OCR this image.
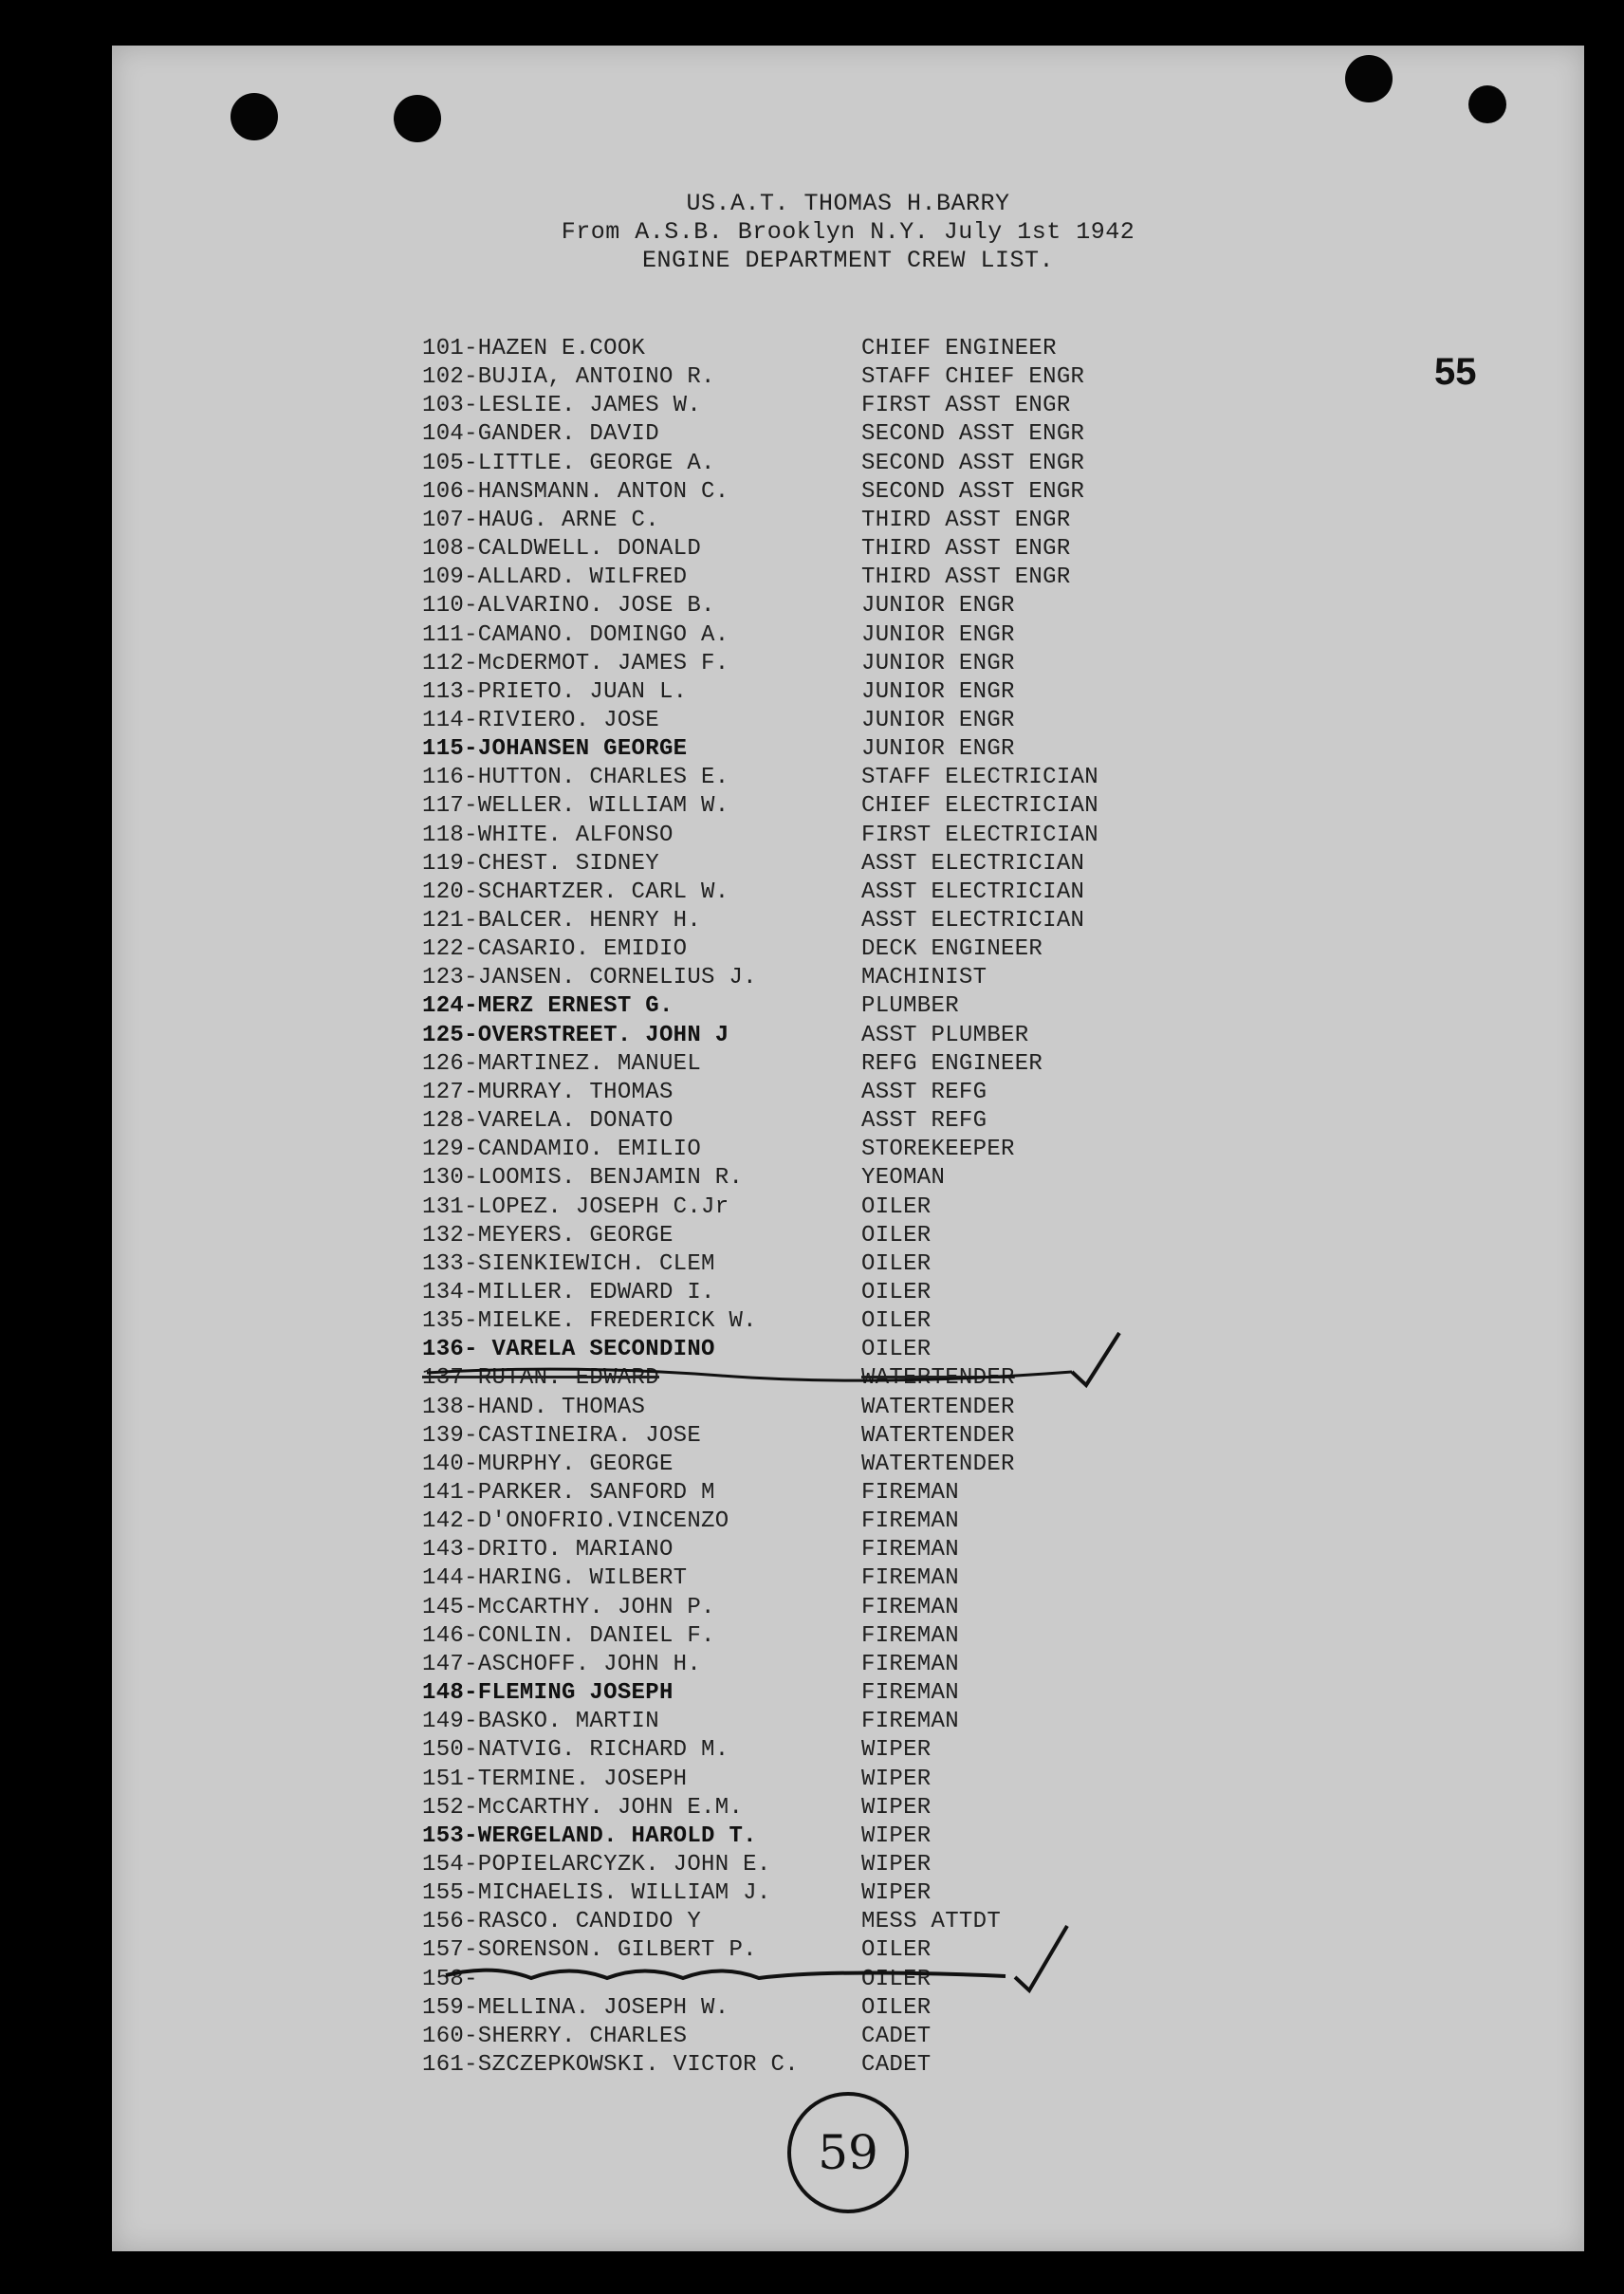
US.A.T. THOMAS H.BARRY
From A.S.B. Brooklyn N.Y. July 1st 1942
ENGINE DEPARTMENT CREW LIST.
55
101-HAZEN E.COOK	CHIEF ENGINEER
102-BUJIA, ANTOINO R.	STAFF CHIEF ENGR
103-LESLIE. JAMES W.	FIRST ASST ENGR
104-GANDER. DAVID	SECOND ASST ENGR
105-LITTLE. GEORGE A.	SECOND ASST ENGR
106-HANSMANN. ANTON C.	SECOND ASST ENGR
107-HAUG. ARNE C.	THIRD ASST ENGR
108-CALDWELL. DONALD	THIRD ASST ENGR
109-ALLARD. WILFRED	THIRD ASST ENGR
110-ALVARINO. JOSE B.	JUNIOR ENGR
111-CAMANO. DOMINGO A.	JUNIOR ENGR
112-McDERMOT. JAMES F.	JUNIOR ENGR
113-PRIETO. JUAN L.	JUNIOR ENGR
114-RIVIERO. JOSE	JUNIOR ENGR
115-JOHANSEN GEORGE	JUNIOR ENGR
116-HUTTON. CHARLES E.	STAFF ELECTRICIAN
117-WELLER. WILLIAM W.	CHIEF ELECTRICIAN
118-WHITE. ALFONSO	FIRST ELECTRICIAN
119-CHEST. SIDNEY	ASST ELECTRICIAN
120-SCHARTZER. CARL W.	ASST ELECTRICIAN
121-BALCER. HENRY H.	ASST ELECTRICIAN
122-CASARIO. EMIDIO	DECK ENGINEER
123-JANSEN. CORNELIUS J.	MACHINIST
124-MERZ ERNEST G.	PLUMBER
125-OVERSTREET. JOHN J	ASST PLUMBER
126-MARTINEZ. MANUEL	REFG ENGINEER
127-MURRAY. THOMAS	ASST REFG
128-VARELA. DONATO	ASST REFG
129-CANDAMIO. EMILIO	STOREKEEPER
130-LOOMIS. BENJAMIN R.	YEOMAN
131-LOPEZ. JOSEPH C.Jr	OILER
132-MEYERS. GEORGE	OILER
133-SIENKIEWICH. CLEM	OILER
134-MILLER. EDWARD I.	OILER
135-MIELKE. FREDERICK W.	OILER
136- VARELA SECONDINO	OILER
137-RUTAN. EDWARD	WATERTENDER
138-HAND. THOMAS	WATERTENDER
139-CASTINEIRA. JOSE	WATERTENDER
140-MURPHY. GEORGE	WATERTENDER
141-PARKER. SANFORD M	FIREMAN
142-D'ONOFRIO.VINCENZO	FIREMAN
143-DRITO. MARIANO	FIREMAN
144-HARING. WILBERT	FIREMAN
145-McCARTHY. JOHN P.	FIREMAN
146-CONLIN. DANIEL F.	FIREMAN
147-ASCHOFF. JOHN H.	FIREMAN
148-FLEMING JOSEPH	FIREMAN
149-BASKO. MARTIN	FIREMAN
150-NATVIG. RICHARD M.	WIPER
151-TERMINE. JOSEPH	WIPER
152-McCARTHY. JOHN E.M.	WIPER
153-WERGELAND. HAROLD T.	WIPER
154-POPIELARCYZK. JOHN E.	WIPER
155-MICHAELIS. WILLIAM J.	WIPER
156-RASCO. CANDIDO Y	MESS ATTDT
157-SORENSON. GILBERT P.	OILER
158-	OILER
159-MELLINA. JOSEPH W.	OILER
160-SHERRY. CHARLES	CADET
161-SZCZEPKOWSKI. VICTOR C.	CADET
59
